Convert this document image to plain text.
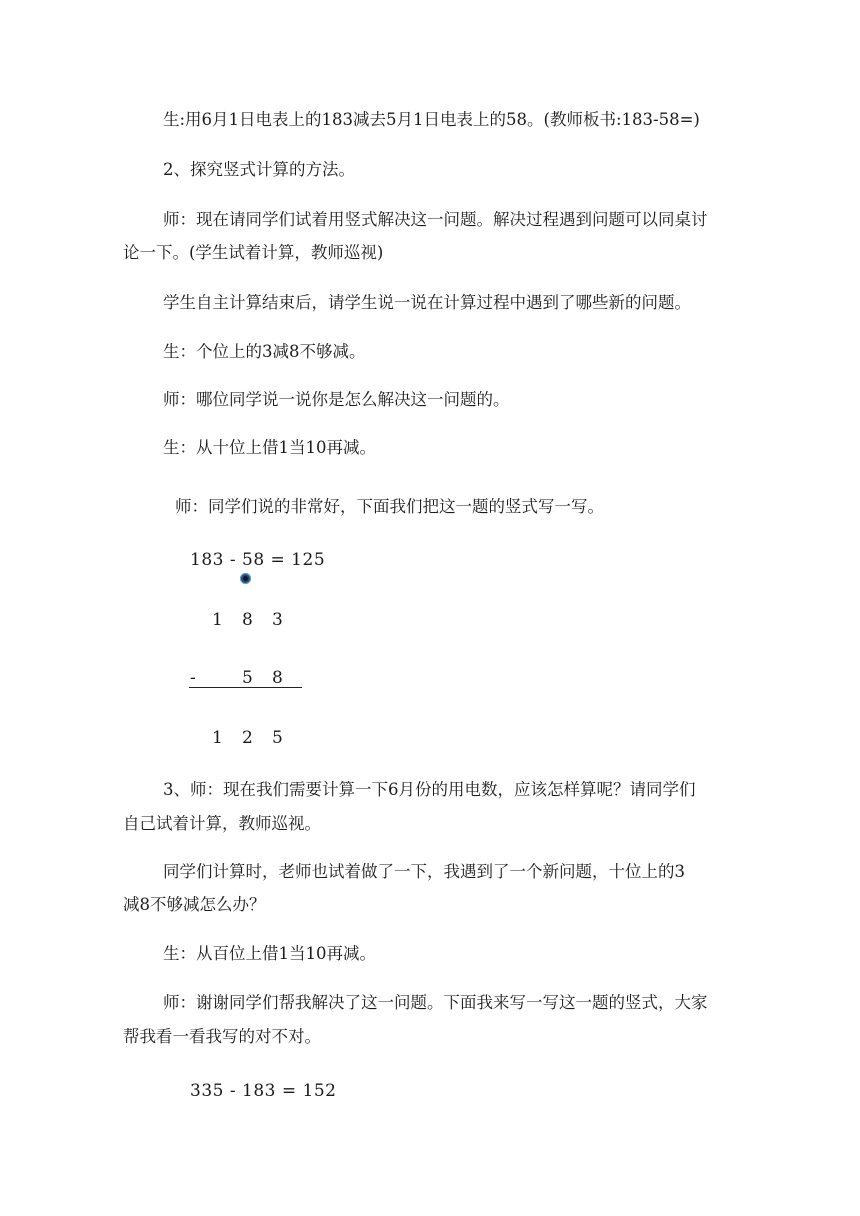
生:用6月1日电表上的183减去5月1日电表上的58。(教师板书:183-58=)
2、探究竖式计算的方法。
师：现在请同学们试着用竖式解决这一问题。解决过程遇到问题可以同桌讨
论一下。(学生试着计算，教师巡视)
学生自主计算结束后，请学生说一说在计算过程中遇到了哪些新的问题。
生：个位上的3减8不够减。
师：哪位同学说一说你是怎么解决这一问题的。
生：从十位上借1当10再减。
师：同学们说的非常好，下面我们把这一题的竖式写一写。
183 - 58 = 125
1 8 3
-	5 8
1 2 5
3、师：现在我们需要计算一下6月份的用电数，应该怎样算呢？请同学们
自己试着计算，教师巡视。
同学们计算时，老师也试着做了一下，我遇到了一个新问题，十位上的3
减8不够减怎么办？
生：从百位上借1当10再减。
师：谢谢同学们帮我解决了这一问题。下面我来写一写这一题的竖式，大家
帮我看一看我写的对不对。
335 - 183 = 152
